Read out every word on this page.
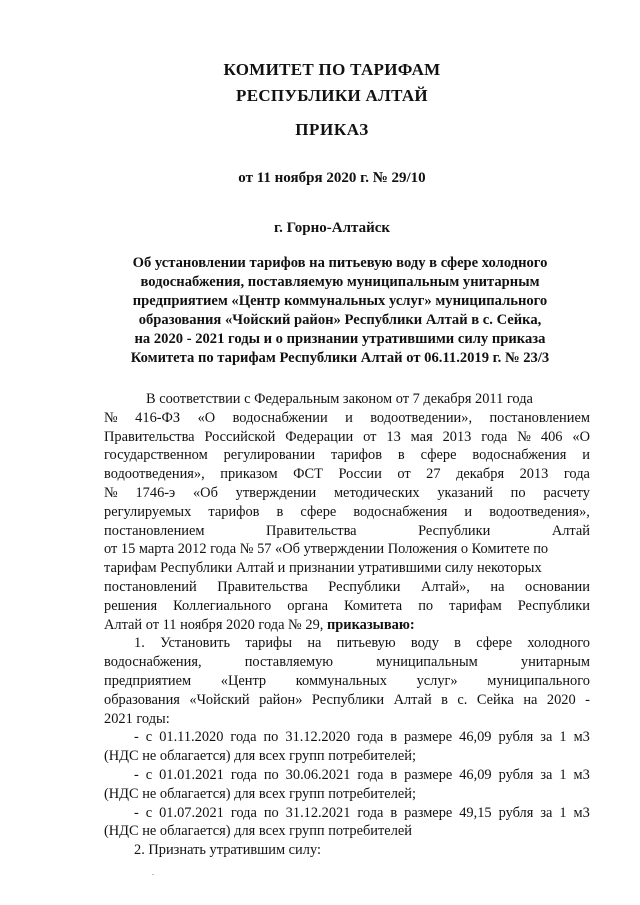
КОМИТЕТ ПО ТАРИФАМ
РЕСПУБЛИКИ АЛТАЙ
ПРИКАЗ
от 11 ноября 2020 г. № 29/10
г. Горно-Алтайск
Об установлении тарифов на питьевую воду в сфере холодного
водоснабжения, поставляемую муниципальным унитарным
предприятием «Центр коммунальных услуг» муниципального
образования «Чойский район» Республики Алтай в с. Сейка,
на 2020 - 2021 годы и о признании утратившими силу приказа
Комитета по тарифам Республики Алтай от 06.11.2019 г. № 23/3
В соответствии с Федеральным законом от 7 декабря 2011 года
№ 416-ФЗ «О водоснабжении и водоотведении», постановлением
Правительства Российской Федерации от 13 мая 2013 года № 406 «О
государственном регулировании тарифов в сфере водоснабжения и
водоотведения», приказом ФСТ России от 27 декабря 2013 года
№ 1746-э «Об утверждении методических указаний по расчету
регулируемых тарифов в сфере водоснабжения и водоотведения»,
постановлением	Правительства	Республики	Алтай
от 15 марта 2012 года № 57 «Об утверждении Положения о Комитете по
тарифам Республики Алтай и признании утратившими силу некоторых
постановлений Правительства Республики Алтай», на основании
решения Коллегиального органа Комитета по тарифам Республики
Алтай от 11 ноября 2020 года № 29, приказываю:
1. Установить тарифы на питьевую воду в сфере холодного
водоснабжения,	поставляемую	муниципальным	унитарным
предприятием «Центр коммунальных услуг» муниципального
образования «Чойский район» Республики Алтай в с. Сейка на 2020 -
2021 годы:
- с 01.11.2020 года по 31.12.2020 года в размере 46,09 рубля за 1 м3
(НДС не облагается) для всех групп потребителей;
- с 01.01.2021 года по 30.06.2021 года в размере 46,09 рубля за 1 м3
(НДС не облагается) для всех групп потребителей;
- с 01.07.2021 года по 31.12.2021 года в размере 49,15 рубля за 1 м3
(НДС не облагается) для всех групп потребителей
2. Признать утратившим силу:
